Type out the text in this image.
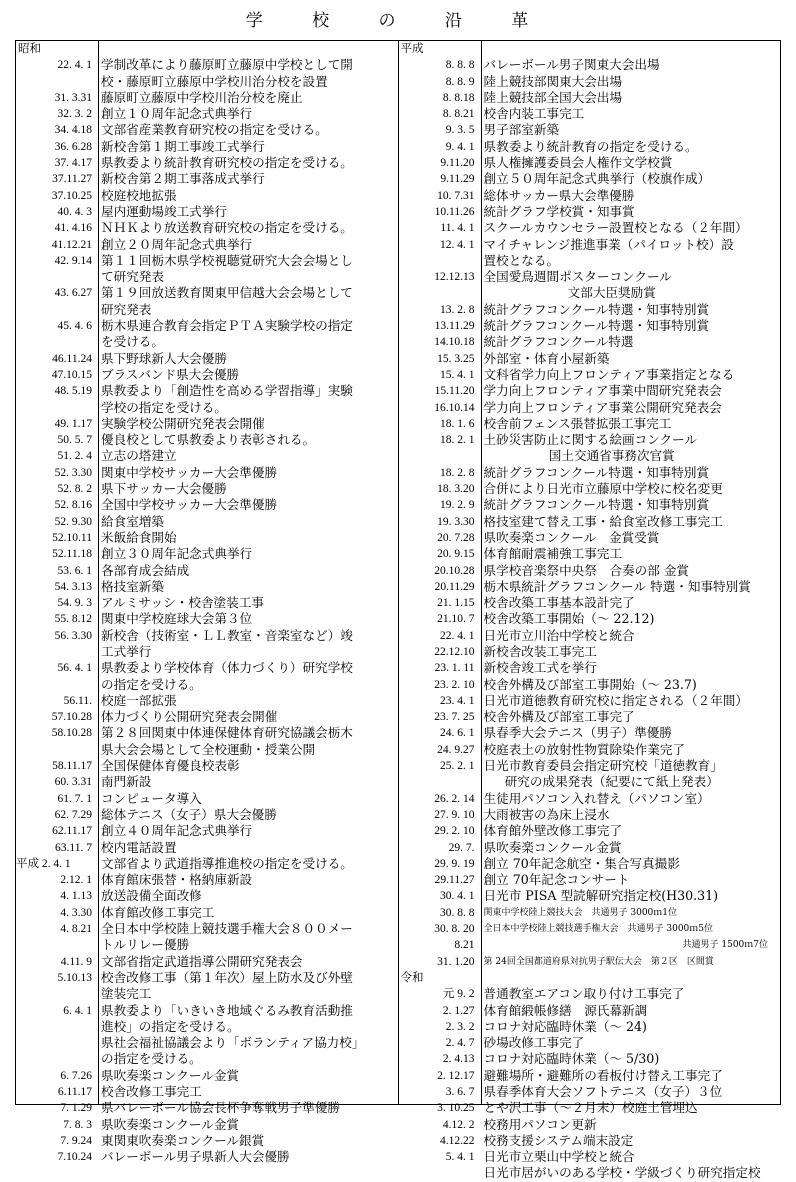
学 校 の 沿 革
昭和
22. 4. 1 学制改革により藤原町立藤原中学校として開
校・藤原町立藤原中学校川治分校を設置
31. 3.31 藤原町立藤原中学校川治分校を廃止
32. 3. 2 創立１０周年記念式典挙行
34. 4.18 文部省産業教育研究校の指定を受ける。
36. 6.28 新校舎第１期工事竣工式挙行
37. 4.17 県教委より統計教育研究校の指定を受ける。
37.11.27 新校舎第２期工事落成式挙行
37.10.25 校庭校地拡張
40. 4. 3 屋内運動場竣工式挙行
41. 4.16 ＮＨＫより放送教育研究校の指定を受ける。
41.12.21 創立２０周年記念式典挙行
42. 9.14 第１１回栃木県学校視聴覚研究大会会場とし
て研究発表
43. 6.27 第１９回放送教育関東甲信越大会会場として
研究発表
45. 4. 6 栃木県連合教育会指定ＰＴＡ実験学校の指定
を受ける。
46.11.24 県下野球新人大会優勝
47.10.15 ブラスバンド県大会優勝
48. 5.19 県教委より「創造性を高める学習指導」実験
学校の指定を受ける。
49. 1.17 実験学校公開研究発表会開催
50. 5. 7 優良校として県教委より表彰される。
51. 2. 4 立志の塔建立
52. 3.30 関東中学校サッカー大会準優勝
52. 8. 2 県下サッカー大会優勝
52. 8.16 全国中学校サッカー大会準優勝
52. 9.30 給食室増築
52.10.11 米飯給食開始
52.11.18 創立３０周年記念式典挙行
53. 6. 1 各部育成会結成
54. 3.13 格技室新築
54. 9. 3 アルミサッシ・校舎塗装工事
55. 8.12 関東中学校庭球大会第３位
56. 3.30 新校舎（技術室・ＬＬ教室・音楽室など）竣
工式挙行
56. 4. 1 県教委より学校体育（体力づくり）研究学校
の指定を受ける。
56.11. 校庭一部拡張
57.10.28 体力づくり公開研究発表会開催
58.10.28 第２８回関東中体連保健体育研究協議会栃木
県大会会場として全校運動・授業公開
58.11.17 全国保健体育優良校表彰
60. 3.31 南門新設
61. 7. 1 コンピュータ導入
62. 7.29 総体テニス（女子）県大会優勝
62.11.17 創立４０周年記念式典挙行
63.11. 7 校内電話設置
平成 2. 4. 1	文部省より武道指導推進校の指定を受ける。
2.12. 1 体育館床張替・格納庫新設
4. 1.13 放送設備全面改修
4. 3.30 体育館改修工事完工
4. 8.21 全日本中学校陸上競技選手権大会８００メー
トルリレー優勝
4.11. 9 文部省指定武道指導公開研究発表会
5.10.13 校舎改修工事（第１年次）屋上防水及び外壁
塗装完工
6. 4. 1 県教委より「いきいき地域ぐるみ教育活動推
進校」の指定を受ける。
県社会福祉協議会より「ボランティア協力校」
の指定を受ける。
6. 7.26 県吹奏楽コンクール金賞
6.11.17 校舎改修工事完工
7. 1.29 県バレーボール協会長杯争奪戦男子準優勝
7. 8. 3 県吹奏楽コンクール金賞
7. 9.24 東関東吹奏楽コンクール銀賞
7.10.24 バレーボール男子県新人大会優勝
平成
8. 8. 8 バレーボール男子関東大会出場
8. 8. 9 陸上競技部関東大会出場
8. 8.18 陸上競技部全国大会出場
8. 8.21 校舎内装工事完工
9. 3. 5 男子部室新築
9. 4. 1 県教委より統計教育の指定を受ける。
9.11.20 県人権擁護委員会人権作文学校賞
9.11.29 創立５０周年記念式典挙行（校旗作成）
10. 7.31 総体サッカー県大会準優勝
10.11.26 統計グラフ学校賞・知事賞
11. 4. 1 スクールカウンセラー設置校となる（２年間）
12. 4. 1 マイチャレンジ推進事業（パイロット校）設
置校となる。
12.12.13 全国愛鳥週間ポスターコンクール
文部大臣奨励賞
13. 2. 8 統計グラフコンクール特選・知事特別賞
13.11.29 統計グラフコンクール特選・知事特別賞
14.10.18 統計グラフコンクール特選
15. 3.25 外部室・体育小屋新築
15. 4. 1 文科省学力向上フロンティア事業指定となる
15.11.20 学力向上フロンティア事業中間研究発表会
16.10.14 学力向上フロンティア事業公開研究発表会
18. 1. 6 校舎前フェンス張替拡張工事完工
18. 2. 1 土砂災害防止に関する絵画コンクール
国土交通省事務次官賞
18. 2. 8 統計グラフコンクール特選・知事特別賞
18. 3.20 合併により日光市立藤原中学校に校名変更
19. 2. 9 統計グラフコンクール特選・知事特別賞
19. 3.30 格技室建て替え工事・給食室改修工事完工
20. 7.28 県吹奏楽コンクール　金賞受賞
20. 9.15 体育館耐震補強工事完工
20.10.28 県学校音楽祭中央祭　合奏の部 金賞
20.11.29 栃木県統計グラフコンクール 特選・知事特別賞
21. 1.15 校舎改築工事基本設計完了
21.10. 7 校舎改築工事開始（～ 22.12)
22. 4. 1 日光市立川治中学校と統合
22.12.10 新校舎改装工事完工
23. 1. 11 新校舎竣工式を挙行
23. 2. 10 校舎外構及び部室工事開始（～ 23.7)
23. 4. 1 日光市道徳教育研究校に指定される（２年間）
23. 7. 25 校舎外構及び部室工事完了
24. 6. 1 県春季大会テニス（男子）準優勝
24. 9.27 校庭表土の放射性物質除染作業完了
25. 2. 1 日光市教育委員会指定研究校「道徳教育」
研究の成果発表（紀要にて紙上発表）
26. 2. 14 生徒用パソコン入れ替え（パソコン室）
27. 9. 10 大雨被害の為床上浸水
29. 2. 10 体育館外壁改修工事完了
29. 7. 県吹奏楽コンクール金賞
29. 9. 19 創立 70年記念航空・集合写真撮影
29.11.27 創立 70年記念コンサート
30. 4. 1 日光市 PISA 型読解研究指定校(H30.31)
30. 8. 8	関東中学校陸上競技大会　共通男子 3000ｍ1位
30. 8. 20	全日本中学校陸上競技選手権大会　共通男子 3000ｍ5位
8.21	共通男子 1500ｍ7位
31. 1.20	第 24回全国都道府県対抗男子駅伝大会　第２区　区間賞
令和
元 9. 2 普通教室エアコン取り付け工事完了
2. 1.27 体育館緞帳修繕　源氏幕新調
2. 3. 2 コロナ対応臨時休業（～ 24)
2. 4. 7 砂場改修工事完了
2. 4.13 コロナ対応臨時休業（～ 5/30)
2. 12.17 避難場所・避難所の看板付け替え工事完了
3. 6. 7 県春季体育大会ソフトテニス（女子）３位
3. 10.25 とや沢工事（～２月末）校庭土管埋込
4.12. 2 校務用パソコン更新
4.12.22 校務支援システム端末設定
5. 4. 1 日光市立栗山中学校と統合
日光市居がいのある学校・学級づくり研究指定校
